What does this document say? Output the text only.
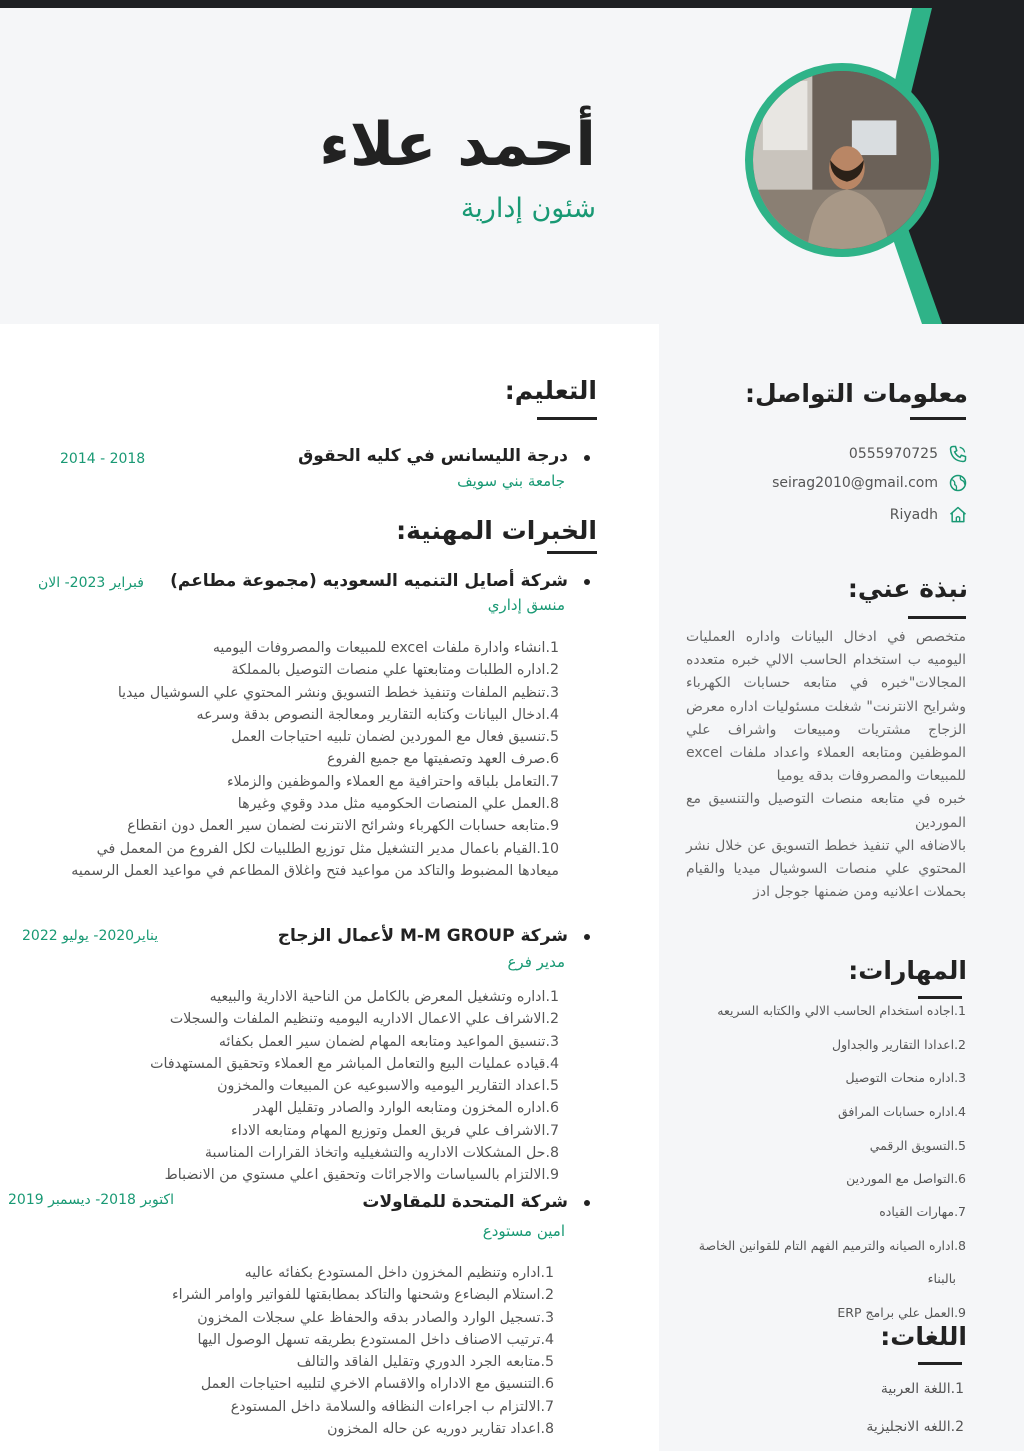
أحمد علاء
شئون إدارية
معلومات التواصل:
0555970725
seirag2010@gmail.com
Riyadh
نبذة عني:

متخصص في ادخال البيانات واداره العمليات اليوميه ب استخدام الحاسب الالي خبره متعدده المجالات"خبره في متابعه حسابات الكهرباء وشرايح الانترنت" شغلت مسئوليات اداره معرض الزجاج مشتريات ومبيعات واشراف علي الموظفين ومتابعه العملاء واعداد ملفات excel للمبيعات والمصروفات بدقه يوميا

خبره في متابعه منصات التوصيل والتنسيق مع الموردين

بالاضافه الي تنفيذ خطط التسويق عن خلال نشر المحتوي علي منصات السوشيال ميديا والقيام بحملات اعلانيه ومن ضمنها جوجل ادز

المهارات:
1.اجاده استخدام الحاسب الالي والكتابه السريعه
2.اعدادا التقارير والجداول
3.اداره منحات التوصيل
4.اداره حسابات المرافق
5.التسويق الرقمي
6.التواصل مع الموردين
7.مهارات القياده
8.اداره الصيانه والترميم الفهم التام للقوانين الخاصة
بالبناء
9.العمل علي برامج ERP
اللغات:
1.اللغة العربية
2.اللغه الانجليزية
التعليم:
درجة الليسانس في كليه الحقوق
جامعة بني سويف
2014 - 2018
الخبرات المهنية:
شركة أصايل التنميه السعوديه (مجموعة مطاعم)
منسق إداري
فبراير 2023- الان
1.انشاء وادارة ملفات excel للمبيعات والمصروفات اليوميه
2.اداره الطلبات ومتابعتها علي منصات التوصيل بالمملكة
3.تنظيم الملفات وتنفيذ خطط التسويق ونشر المحتوي علي السوشيال ميديا
4.ادخال البيانات وكتابه التقارير ومعالجة النصوص بدقة وسرعه
5.تنسيق فعال مع الموردين لضمان تلبيه احتياجات العمل
6.صرف العهد وتصفيتها مع جميع الفروع
7.التعامل بلباقه واحترافية مع العملاء والموظفين والزملاء
8.العمل علي المنصات الحكوميه مثل مدد وقوي وغيرها
9.متابعه حسابات الكهرباء وشرائح الانترنت لضمان سير العمل دون انقطاع
10.القيام باعمال مدير التشغيل مثل توزيع الطلبيات لكل الفروع من المعمل في ميعادها المضبوط والتاكد من مواعيد فتح واغلاق المطاعم في مواعيد العمل الرسميه
شركة M-M GROUP لأعمال الزجاج
مدير فرع
يناير2020- يوليو 2022
1.اداره وتشغيل المعرض بالكامل من الناحية الادارية والبيعيه
2.الاشراف علي الاعمال الاداريه اليوميه وتنظيم الملفات والسجلات
3.تنسيق المواعيد ومتابعه المهام لضمان سير العمل بكفائه
4.قياده عمليات البيع والتعامل المباشر مع العملاء وتحقيق المستهدفات
5.اعداد التقارير اليوميه والاسبوعيه عن المبيعات والمخزون
6.اداره المخزون ومتابعه الوارد والصادر وتقليل الهدر
7.الاشراف علي فريق العمل وتوزيع المهام ومتابعه الاداء
8.حل المشكلات الاداريه والتشغيليه واتخاذ القرارات المناسبة
9.الالتزام بالسياسات والاجرائات وتحقيق اعلي مستوي من الانضباط
شركة المتحدة للمقاولات
امين مستودع
اكتوبر 2018- ديسمبر 2019
1.اداره وتنظيم المخزون داخل المستودع بكفائه عاليه
2.استلام البضاءع وشحنها والتاكد بمطابقتها للفواتير واوامر الشراء
3.تسجيل الوارد والصادر بدقه والحفاظ علي سجلات المخزون
4.ترتيب الاصناف داخل المستودع بطريقه تسهل الوصول اليها
5.متابعه الجرد الدوري وتقليل الفاقد والتالف
6.التنسيق مع الاداراه والاقسام الاخري لتلبيه احتياجات العمل
7.الالتزام ب اجراءات النظافه والسلامة داخل المستودع
8.اعداد تقارير دوريه عن حاله المخزون
